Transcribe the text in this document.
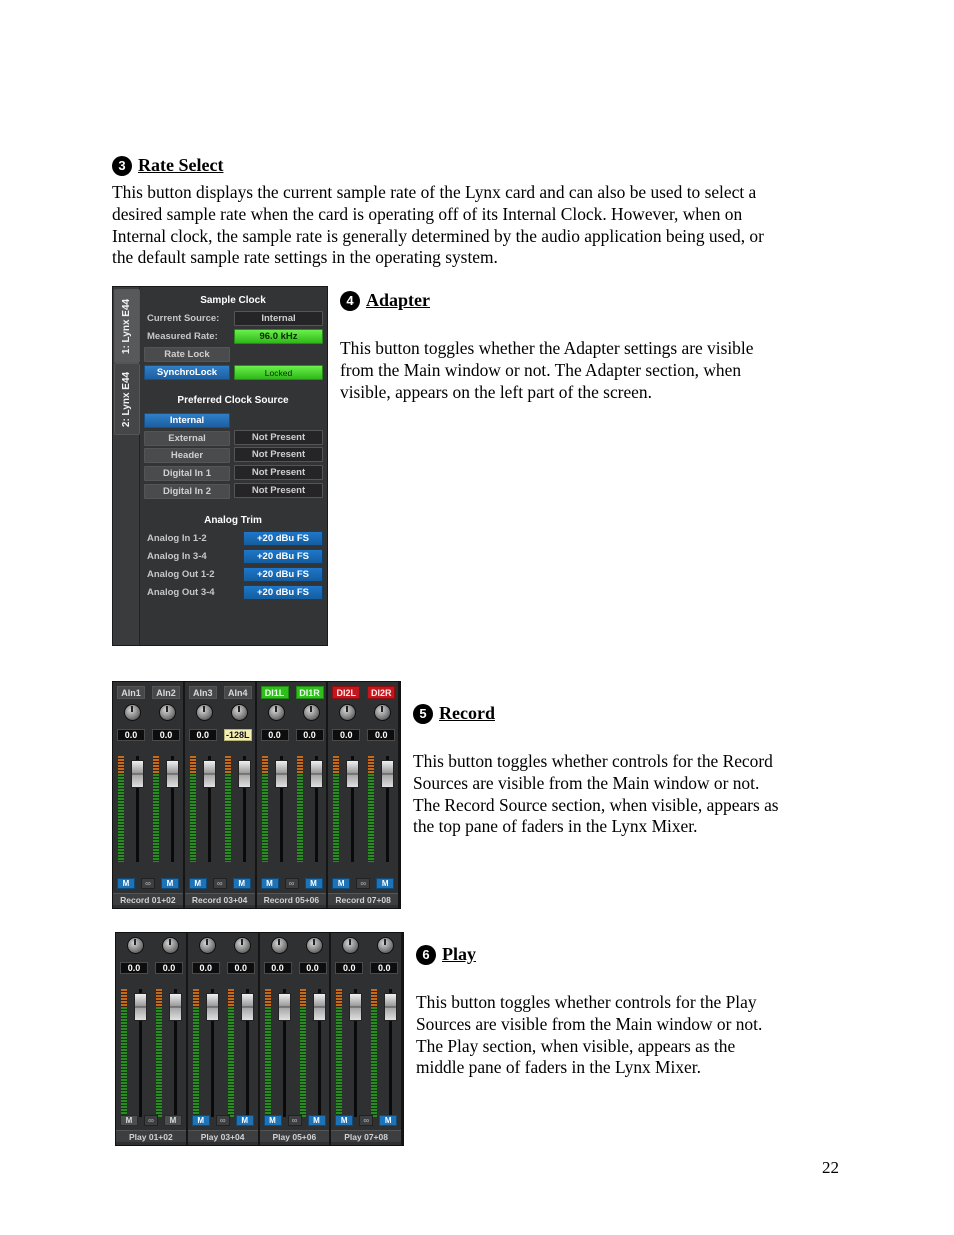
3 Rate Select
This button displays the current sample rate of the Lynx card and can also be used to select a
desired sample rate when the card is operating off of its Internal Clock. However, when on
Internal clock, the sample rate is generally determined by the audio application being used, or
the default sample rate settings in the operating system.
1: Lynx E44
2: Lynx E44
Sample Clock
Current Source:	Internal
Measured Rate:	96.0 kHz
Rate Lock
SynchroLock	Locked
Preferred Clock Source
Internal
External	Not Present
Header	Not Present
Digital In 1	Not Present
Digital In 2	Not Present
Analog Trim
Analog In 1-2	+20 dBu FS
Analog In 3-4	+20 dBu FS
Analog Out 1-2	+20 dBu FS
Analog Out 3-4	+20 dBu FS
4 Adapter
This button toggles whether the Adapter settings are visible
from the Main window or not. The Adapter section, when
visible, appears on the left part of the screen.
AIn1
0.0
AIn2
0.0
M	∞	M
Record 01+02
AIn3
0.0
AIn4
-128L
M	∞	M
Record 03+04
DI1L
0.0
DI1R
0.0
M	∞	M
Record 05+06
DI2L
0.0
DI2R
0.0
M	∞	M
Record 07+08
5 Record
This button toggles whether controls for the Record
Sources are visible from the Main window or not.
The Record Source section, when visible, appears as
the top pane of faders in the Lynx Mixer.
0.0	0.0
M	∞	M
Play 01+02
0.0	0.0
M	∞	M
Play 03+04
0.0	0.0
M	∞	M
Play 05+06
0.0	0.0
M	∞	M
Play 07+08
6 Play
This button toggles whether controls for the Play
Sources are visible from the Main window or not.
The Play section, when visible, appears as the
middle pane of faders in the Lynx Mixer.
22
